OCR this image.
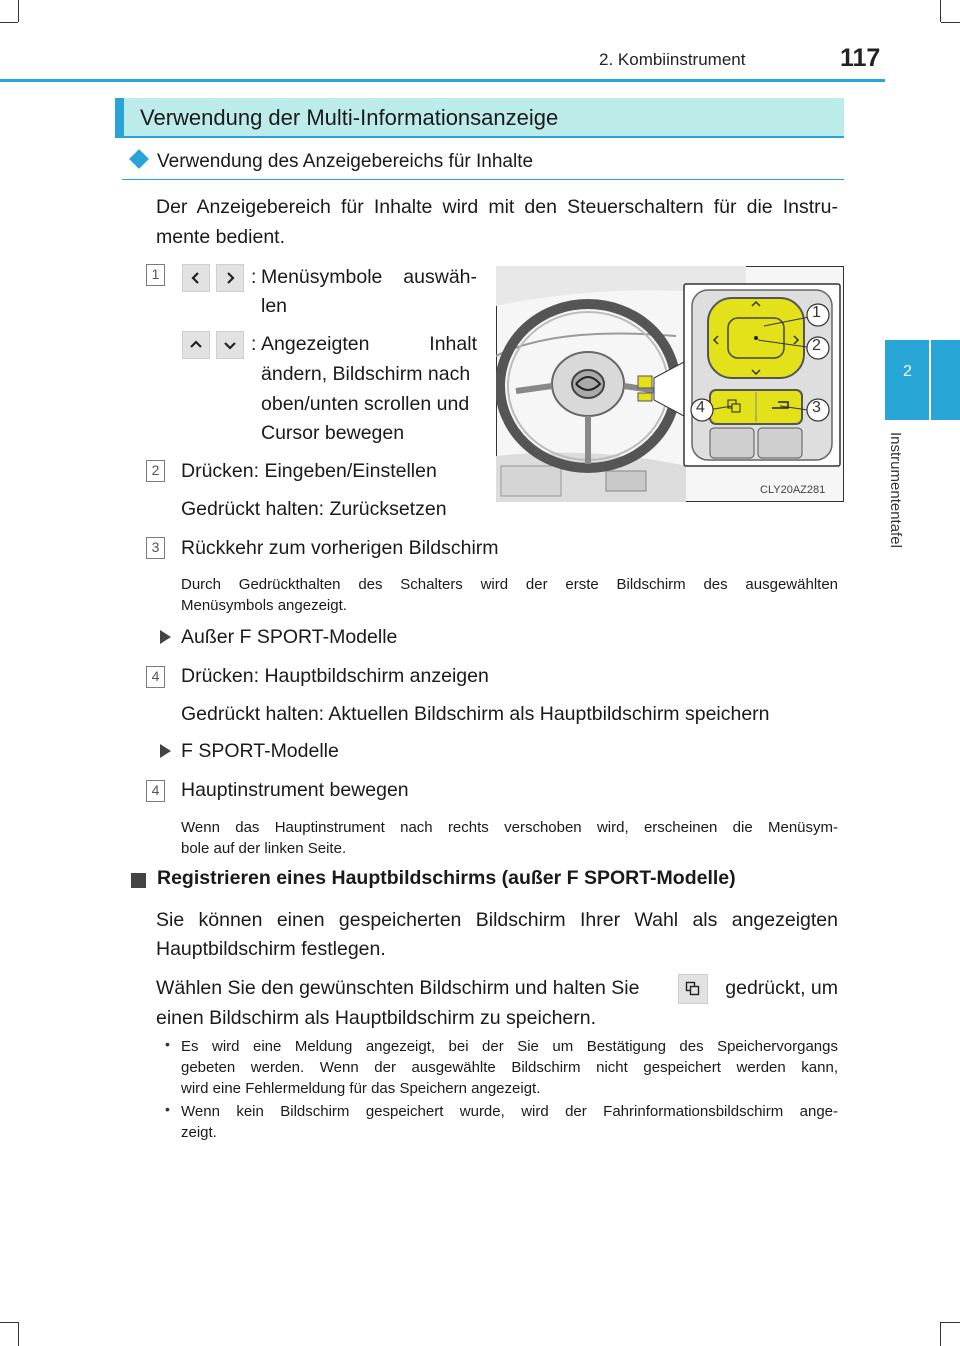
2. Kombiinstrument	117
2
Instrumententafel
Verwendung der Multi-Informationsanzeige
Verwendung des Anzeigebereichs für Inhalte
Der Anzeigebereich für Inhalte wird mit den Steuerschaltern für die Instru-
mente bedient.
1	: Menüsymbole auswäh-
len
: Angezeigten Inhalt
ändern, Bildschirm nach
oben/unten scrollen und
Cursor bewegen
2 Drücken: Eingeben/Einstellen
Gedrückt halten: Zurücksetzen
3 Rückkehr zum vorherigen Bildschirm
Durch Gedrückthalten des Schalters wird der erste Bildschirm des ausgewählten
Menüsymbols angezeigt.
Außer F SPORT-Modelle
4 Drücken: Hauptbildschirm anzeigen
Gedrückt halten: Aktuellen Bildschirm als Hauptbildschirm speichern
F SPORT-Modelle
4 Hauptinstrument bewegen
Wenn das Hauptinstrument nach rechts verschoben wird, erscheinen die Menüsym-
bole auf der linken Seite.
Registrieren eines Hauptbildschirms (außer F SPORT-Modelle)
Sie können einen gespeicherten Bildschirm Ihrer Wahl als angezeigten
Hauptbildschirm festlegen.
Wählen Sie den gewünschten Bildschirm und halten Sie	gedrückt, um
einen Bildschirm als Hauptbildschirm zu speichern.
• Es wird eine Meldung angezeigt, bei der Sie um Bestätigung des Speichervorgangs
gebeten werden. Wenn der ausgewählte Bildschirm nicht gespeichert werden kann,
wird eine Fehlermeldung für das Speichern angezeigt.
• Wenn kein Bildschirm gespeichert wurde, wird der Fahrinformationsbildschirm ange-
zeigt.
1
2
3
4
CLY20AZ281
